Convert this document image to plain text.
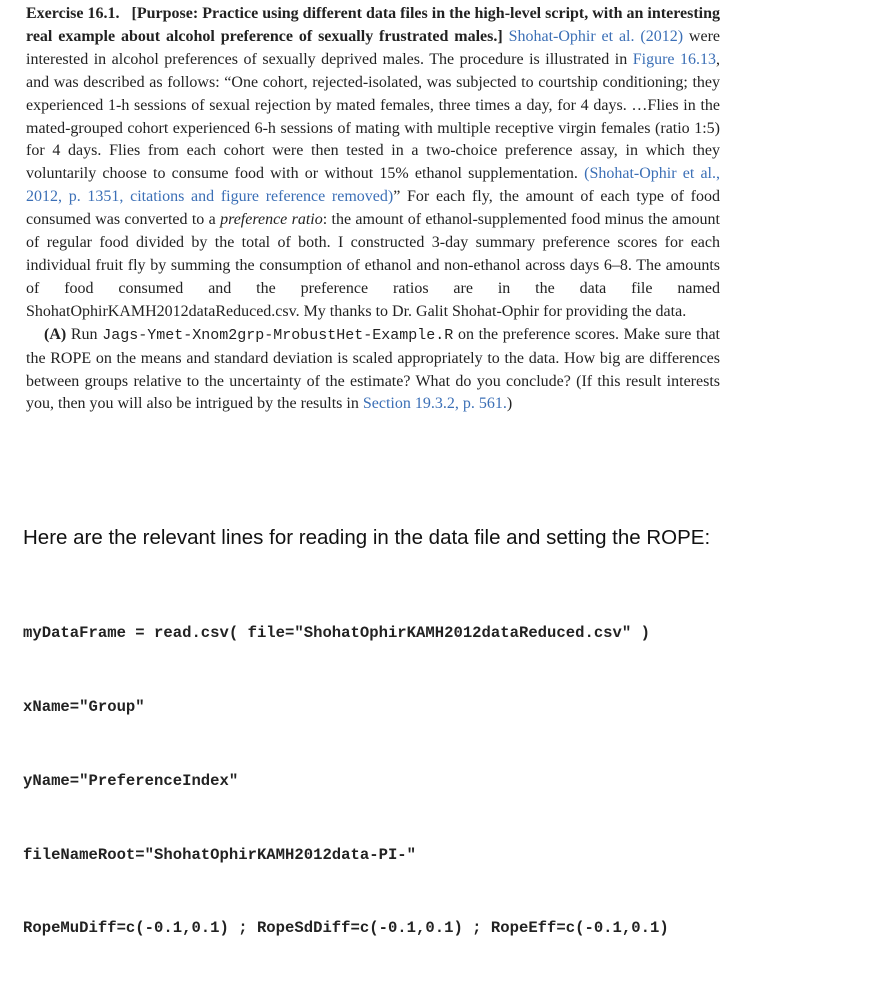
Exercise 16.1. [Purpose: Practice using different data files in the high-level script, with an interesting real example about alcohol preference of sexually frustrated males.] Shohat-Ophir et al. (2012) were interested in alcohol preferences of sexually deprived males. The procedure is illustrated in Figure 16.13, and was described as follows: “One cohort, rejected-isolated, was subjected to courtship conditioning; they experienced 1-h sessions of sexual rejection by mated females, three times a day, for 4 days. …Flies in the mated-grouped cohort experienced 6-h sessions of mating with multiple receptive virgin females (ratio 1:5) for 4 days. Flies from each cohort were then tested in a two-choice preference assay, in which they voluntarily choose to consume food with or without 15% ethanol supplementation. (Shohat-Ophir et al., 2012, p. 1351, citations and figure reference removed)” For each fly, the amount of each type of food consumed was converted to a preference ratio: the amount of ethanol-supplemented food minus the amount of regular food divided by the total of both. I constructed 3-day summary preference scores for each individual fruit fly by summing the consumption of ethanol and non-ethanol across days 6–8. The amounts of food consumed and the preference ratios are in the data file named ShohatOphirKAMH2012dataReduced.csv. My thanks to Dr. Galit Shohat-Ophir for providing the data.

(A) Run Jags-Ymet-Xnom2grp-MrobustHet-Example.R on the preference scores. Make sure that the ROPE on the means and standard deviation is scaled appropriately to the data. How big are differences between groups relative to the uncertainty of the estimate? What do you conclude? (If this result interests you, then you will also be intrigued by the results in Section 19.3.2, p. 561.)

Here are the relevant lines for reading in the data file and setting the ROPE:

myDataFrame = read.csv( file="ShohatOphirKAMH2012dataReduced.csv" )

xName="Group"

yName="PreferenceIndex"

fileNameRoot="ShohatOphirKAMH2012data-PI-"

RopeMuDiff=c(-0.1,0.1) ; RopeSdDiff=c(-0.1,0.1) ; RopeEff=c(-0.1,0.1)
